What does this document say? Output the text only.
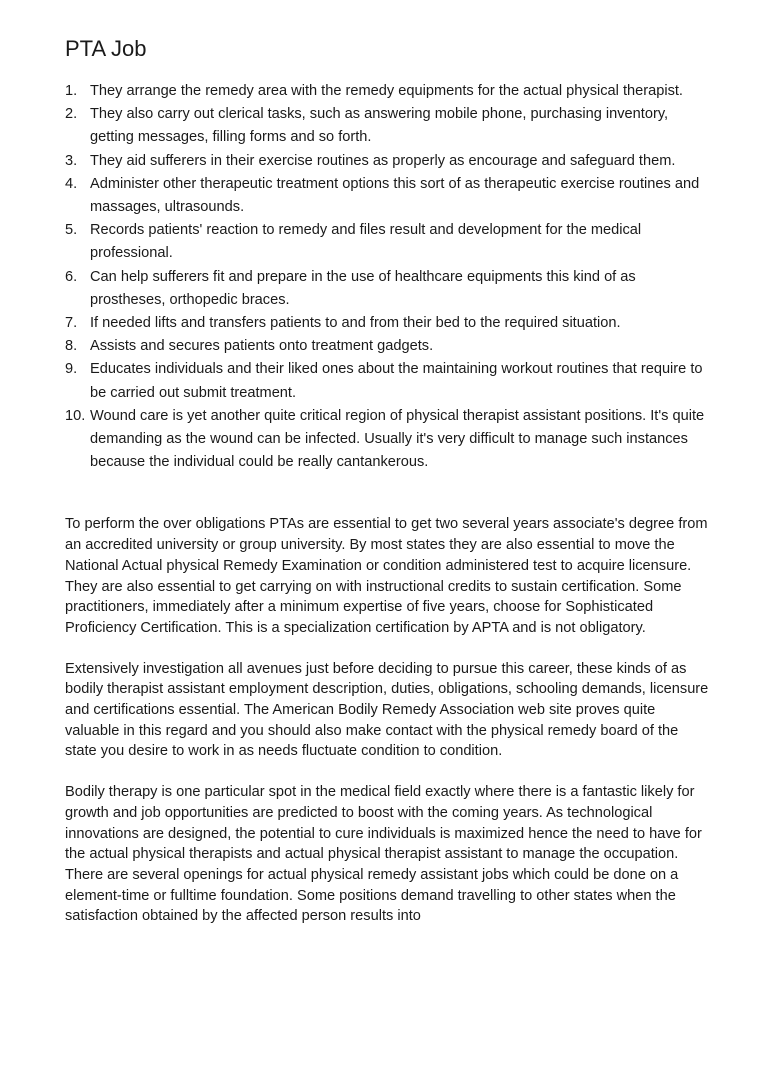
PTA Job
1. They arrange the remedy area with the remedy equipments for the actual physical therapist.
2. They also carry out clerical tasks, such as answering mobile phone, purchasing inventory, getting messages, filling forms and so forth.
3. They aid sufferers in their exercise routines as properly as encourage and safeguard them.
4. Administer other therapeutic treatment options this sort of as therapeutic exercise routines and massages, ultrasounds.
5. Records patients' reaction to remedy and files result and development for the medical professional.
6. Can help sufferers fit and prepare in the use of healthcare equipments this kind of as prostheses, orthopedic braces.
7. If needed lifts and transfers patients to and from their bed to the required situation.
8. Assists and secures patients onto treatment gadgets.
9. Educates individuals and their liked ones about the maintaining workout routines that require to be carried out submit treatment.
10. Wound care is yet another quite critical region of physical therapist assistant positions. It's quite demanding as the wound can be infected. Usually it's very difficult to manage such instances because the individual could be really cantankerous.

To perform the over obligations PTAs are essential to get two several years associate's degree from an accredited university or group university. By most states they are also essential to move the National Actual physical Remedy Examination or condition administered test to acquire licensure. They are also essential to get carrying on with instructional credits to sustain certification. Some practitioners, immediately after a minimum expertise of five years, choose for Sophisticated Proficiency Certification. This is a specialization certification by APTA and is not obligatory.

Extensively investigation all avenues just before deciding to pursue this career, these kinds of as bodily therapist assistant employment description, duties, obligations, schooling demands, licensure and certifications essential. The American Bodily Remedy Association web site proves quite valuable in this regard and you should also make contact with the physical remedy board of the state you desire to work in as needs fluctuate condition to condition.

Bodily therapy is one particular spot in the medical field exactly where there is a fantastic likely for growth and job opportunities are predicted to boost with the coming years. As technological innovations are designed, the potential to cure individuals is maximized hence the need to have for the actual physical therapists and actual physical therapist assistant to manage the occupation. There are several openings for actual physical remedy assistant jobs which could be done on a element-time or fulltime foundation. Some positions demand travelling to other states when the satisfaction obtained by the affected person results into
